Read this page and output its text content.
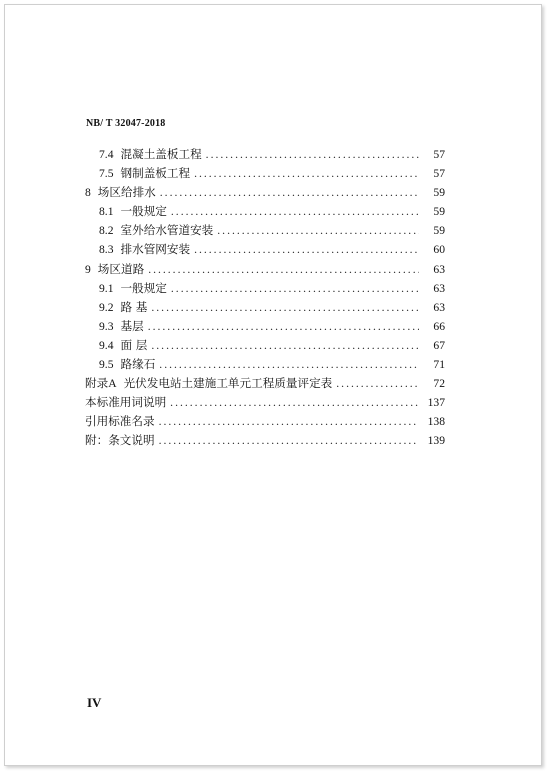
NB/ T 32047-2018
7.4 混凝土盖板工程 .....	57
7.5 钢制盖板工程 .....	57
8 场区给排水 .....	59
8.1 一般规定 .....	59
8.2 室外给水管道安装 .....	59
8.3 排水管网安装 .....	60
9 场区道路 .....	63
9.1 一般规定 .....	63
9.2 路 基 .....	63
9.3 基层 .....	66
9.4 面 层 .....	67
9.5 路缘石 .....	71
附录A 光伏发电站土建施工单元工程质量评定表 .....	72
本标准用词说明 .....	137
引用标准名录 .....	138
附：条文说明 .....	139
IV
